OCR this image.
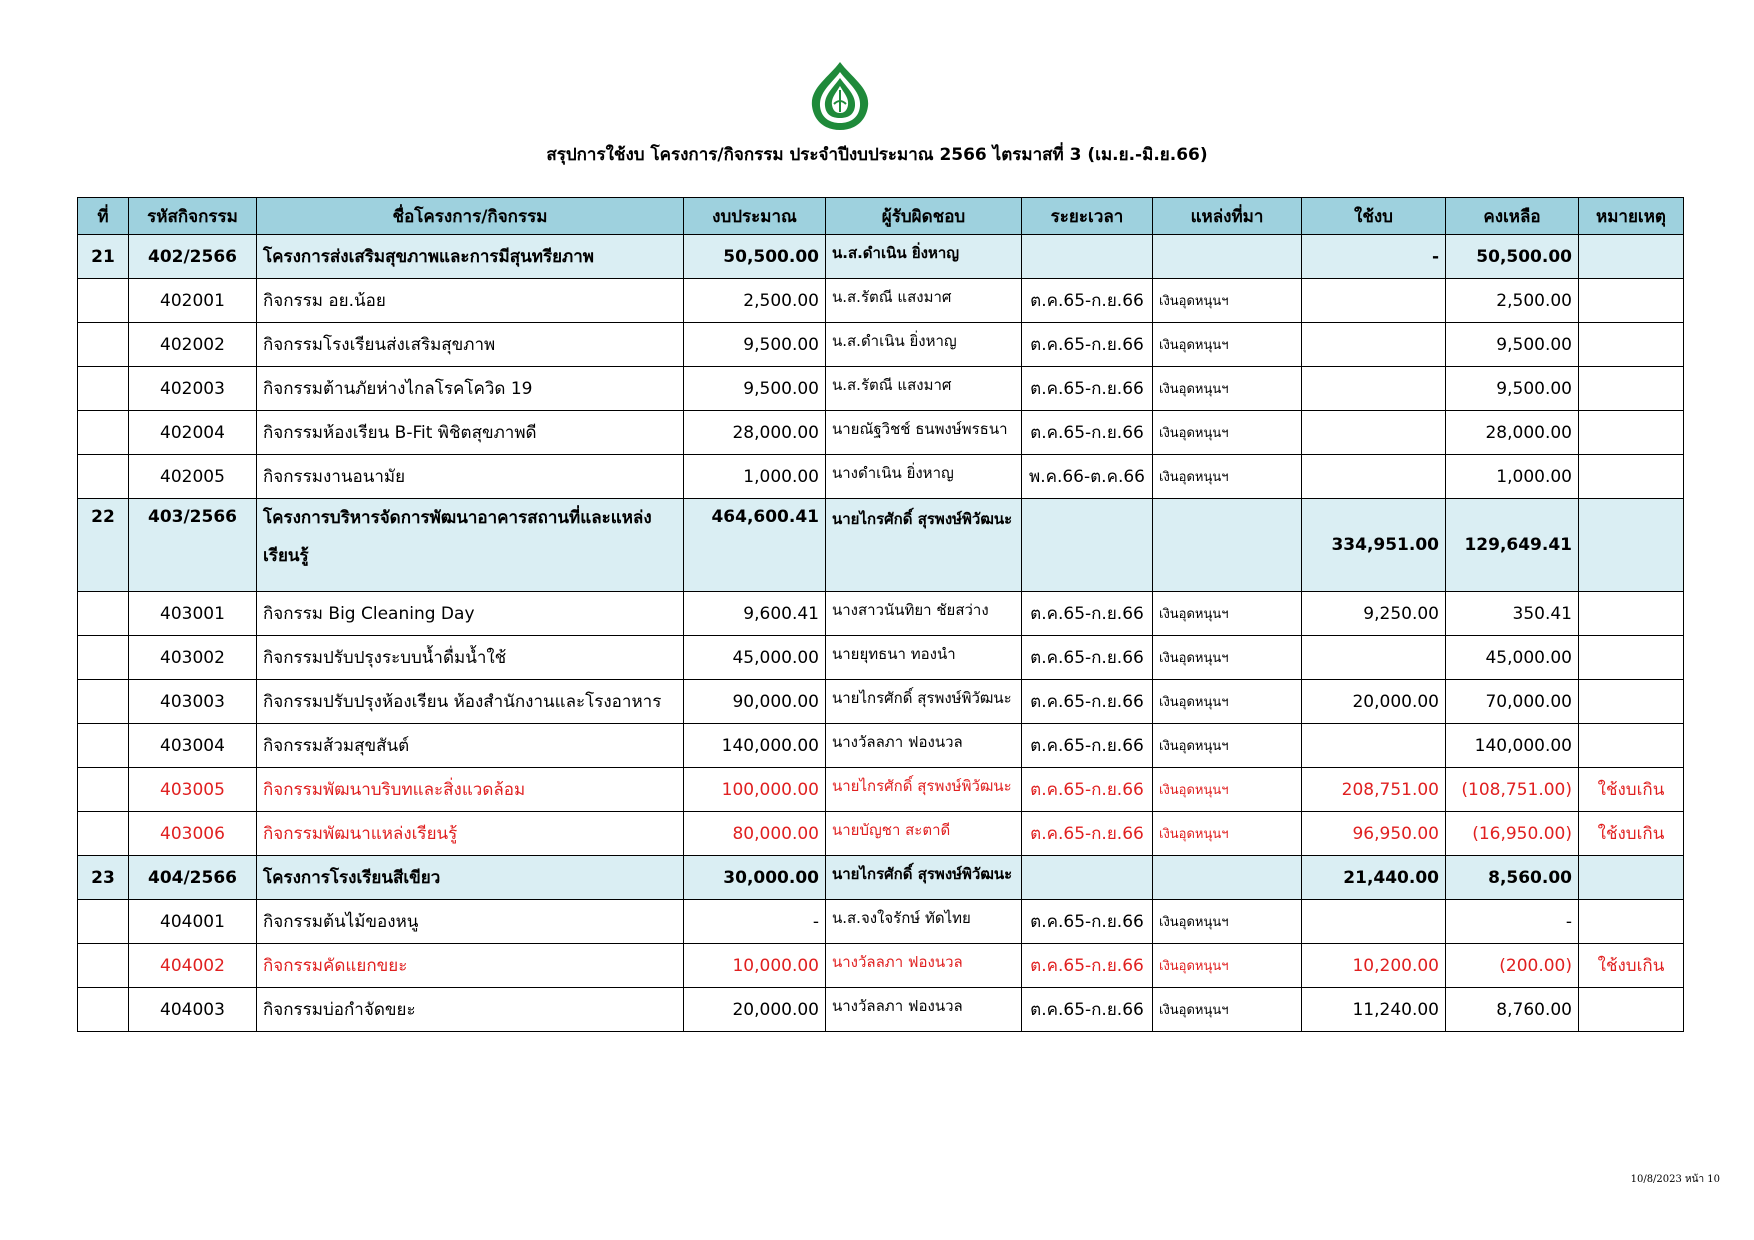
สรุปการใช้งบ โครงการ/กิจกรรม ประจำปีงบประมาณ 2566 ไตรมาสที่ 3 (เม.ย.-มิ.ย.66)
ที่	รหัสกิจกรรม	ชื่อโครงการ/กิจกรรม	งบประมาณ	ผู้รับผิดชอบ	ระยะเวลา	แหล่งที่มา	ใช้งบ	คงเหลือ	หมายเหตุ
21	402/2566	โครงการส่งเสริมสุขภาพและการมีสุนทรียภาพ	50,500.00	น.ส.ดำเนิน ยิ่งหาญ			-	50,500.00	
	402001	กิจกรรม อย.น้อย	2,500.00	น.ส.รัตณี แสงมาศ	ต.ค.65-ก.ย.66	เงินอุดหนุนฯ		2,500.00	
	402002	กิจกรรมโรงเรียนส่งเสริมสุขภาพ	9,500.00	น.ส.ดำเนิน ยิ่งหาญ	ต.ค.65-ก.ย.66	เงินอุดหนุนฯ		9,500.00	
	402003	กิจกรรมต้านภัยห่างไกลโรคโควิด 19	9,500.00	น.ส.รัตณี แสงมาศ	ต.ค.65-ก.ย.66	เงินอุดหนุนฯ		9,500.00	
	402004	กิจกรรมห้องเรียน B-Fit พิชิตสุขภาพดี	28,000.00	นายณัฐวิชช์ ธนพงษ์พรธนา	ต.ค.65-ก.ย.66	เงินอุดหนุนฯ		28,000.00	
	402005	กิจกรรมงานอนามัย	1,000.00	นางดำเนิน ยิ่งหาญ	พ.ค.66-ต.ค.66	เงินอุดหนุนฯ		1,000.00	
22	403/2566	โครงการบริหารจัดการพัฒนาอาคารสถานที่และแหล่งเรียนรู้	464,600.41	นายไกรศักดิ์ สุรพงษ์พิวัฒนะ			334,951.00	129,649.41	
	403001	กิจกรรม Big Cleaning Day	9,600.41	นางสาวนันทิยา ชัยสว่าง	ต.ค.65-ก.ย.66	เงินอุดหนุนฯ	9,250.00	350.41	
	403002	กิจกรรมปรับปรุงระบบน้ำดื่มน้ำใช้	45,000.00	นายยุทธนา ทองนำ	ต.ค.65-ก.ย.66	เงินอุดหนุนฯ		45,000.00	
	403003	กิจกรรมปรับปรุงห้องเรียน ห้องสำนักงานและโรงอาหาร	90,000.00	นายไกรศักดิ์ สุรพงษ์พิวัฒนะ	ต.ค.65-ก.ย.66	เงินอุดหนุนฯ	20,000.00	70,000.00	
	403004	กิจกรรมส้วมสุขสันต์	140,000.00	นางวัลลภา ฟองนวล	ต.ค.65-ก.ย.66	เงินอุดหนุนฯ		140,000.00	
	403005	กิจกรรมพัฒนาบริบทและสิ่งแวดล้อม	100,000.00	นายไกรศักดิ์ สุรพงษ์พิวัฒนะ	ต.ค.65-ก.ย.66	เงินอุดหนุนฯ	208,751.00	(108,751.00)	ใช้งบเกิน
	403006	กิจกรรมพัฒนาแหล่งเรียนรู้	80,000.00	นายบัญชา สะตาดี	ต.ค.65-ก.ย.66	เงินอุดหนุนฯ	96,950.00	(16,950.00)	ใช้งบเกิน
23	404/2566	โครงการโรงเรียนสีเขียว	30,000.00	นายไกรศักดิ์ สุรพงษ์พิวัฒนะ			21,440.00	8,560.00	
	404001	กิจกรรมต้นไม้ของหนู	-	น.ส.จงใจรักษ์ ทัดไทย	ต.ค.65-ก.ย.66	เงินอุดหนุนฯ		-	
	404002	กิจกรรมคัดแยกขยะ	10,000.00	นางวัลลภา ฟองนวล	ต.ค.65-ก.ย.66	เงินอุดหนุนฯ	10,200.00	(200.00)	ใช้งบเกิน
	404003	กิจกรรมบ่อกำจัดขยะ	20,000.00	นางวัลลภา ฟองนวล	ต.ค.65-ก.ย.66	เงินอุดหนุนฯ	11,240.00	8,760.00	
10/8/2023 หน้า 10
